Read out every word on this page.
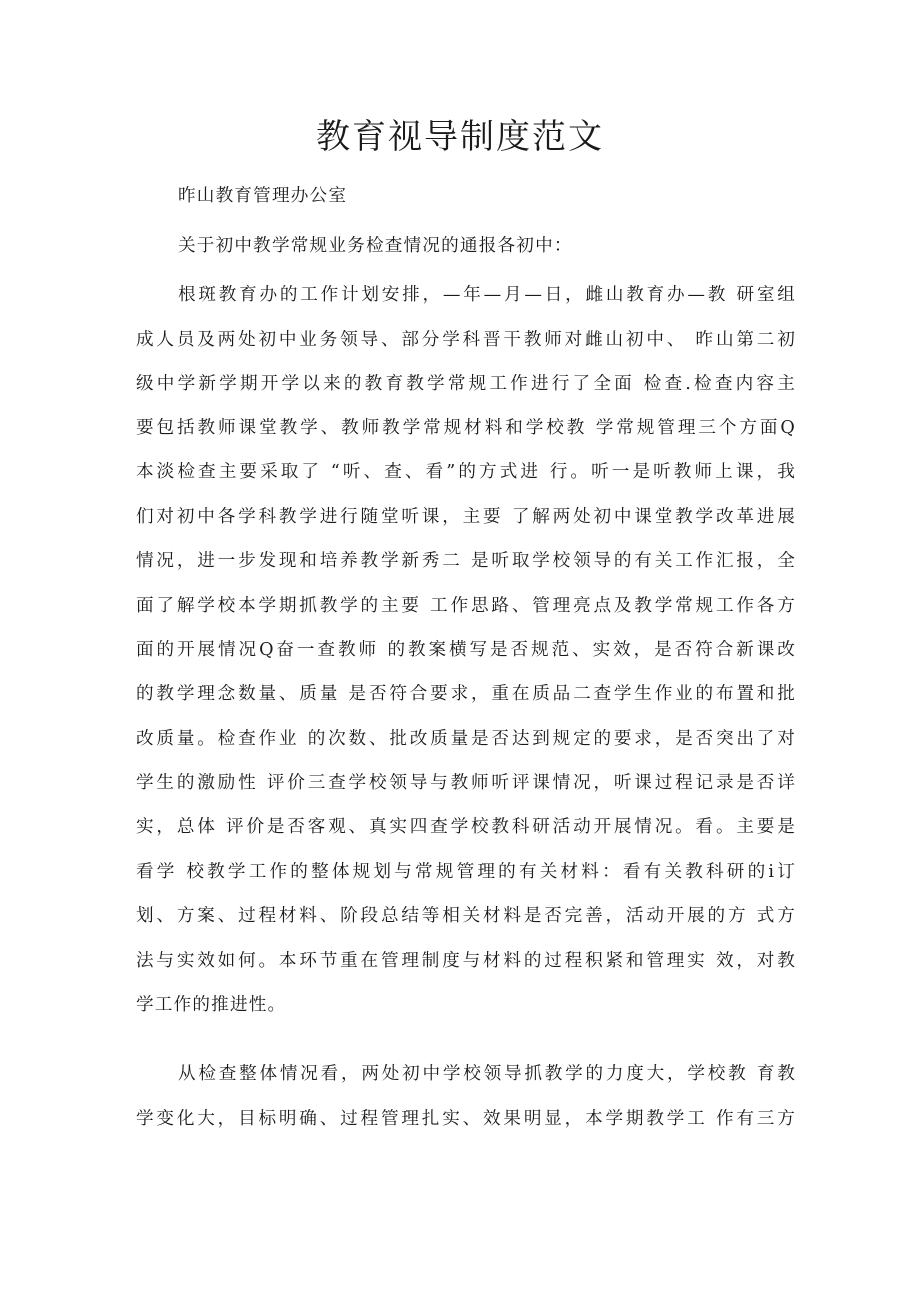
教育视导制度范文

昨山教育管理办公室

关于初中教学常规业务检查情况的通报各初中：

根斑教育办的工作计划安排，—年—月—日，雌山教育办—教 研室组

成人员及两处初中业务领导、部分学科晋干教师对雌山初中、 昨山第二初

级中学新学期开学以来的教育教学常规工作进行了全面 检查.检查内容主

要包括教师课堂教学、教师教学常规材料和学校教 学常规管理三个方面Q

本淡检查主要采取了 “听、查、看”的方式进 行。听一是听教师上课，我

们对初中各学科教学进行随堂听课，主要 了解两处初中课堂教学改革进展

情况，进一步发现和培养教学新秀二 是听取学校领导的有关工作汇报，全

面了解学校本学期抓教学的主要 工作思路、管理亮点及教学常规工作各方

面的开展情况Q奋一查教师 的教案横写是否规范、实效，是否符合新课改

的教学理念数量、质量 是否符合要求，重在质品二查学生作业的布置和批

改质量。检查作业 的次数、批改质量是否达到规定的要求，是否突出了对

学生的激励性 评价三查学校领导与教师听评课情况，听课过程记录是否详

实，总体 评价是否客观、真实四查学校教科研活动开展情况。看。主要是

看学 校教学工作的整体规划与常规管理的有关材料：看有关教科研的i订

划、方案、过程材料、阶段总结等相关材料是否完善，活动开展的方 式方

法与实效如何。本环节重在管理制度与材料的过程积紧和管理实 效，对教

学工作的推进性。

从检查整体情况看，两处初中学校领导抓教学的力度大，学校教 育教

学变化大，目标明确、过程管理扎实、效果明显，本学期教学工 作有三方
